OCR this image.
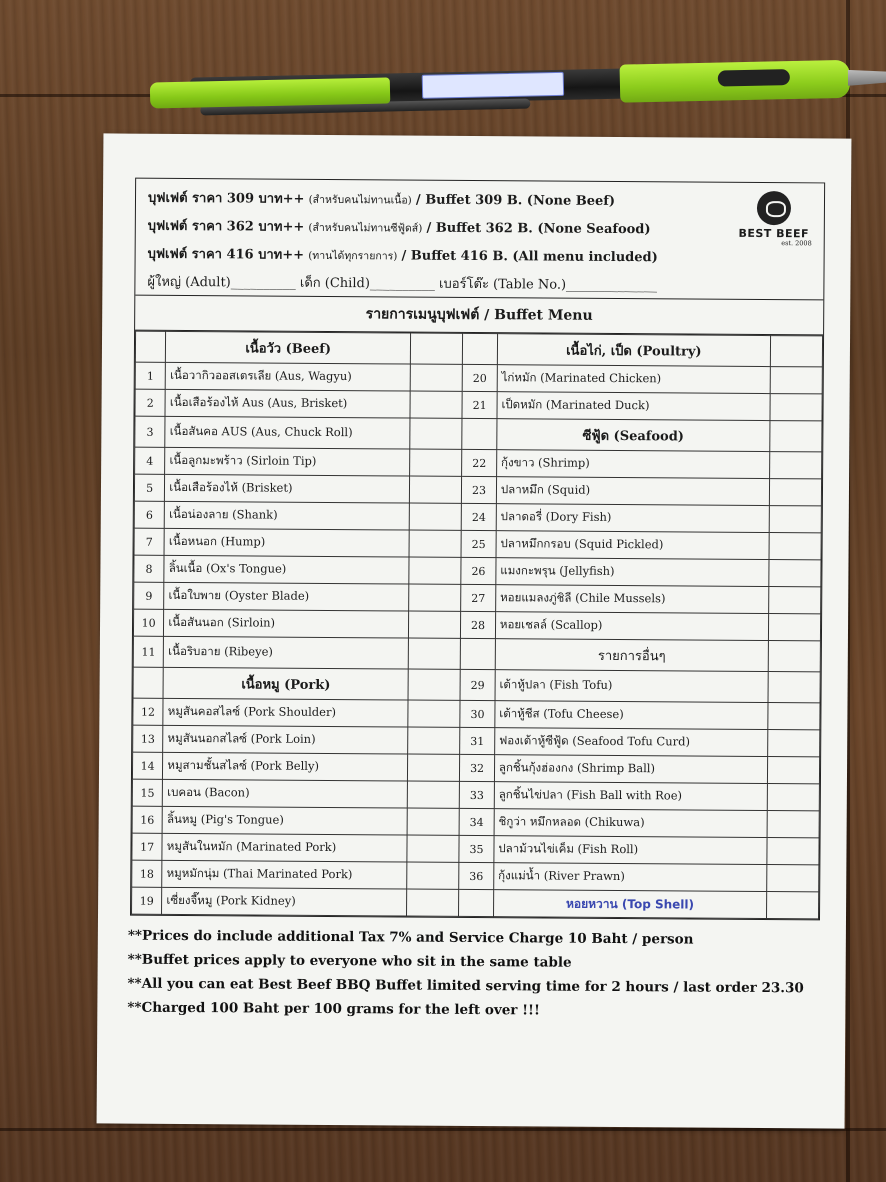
บุฟเฟต์ ราคา 309 บาท++ (สำหรับคนไม่ทานเนื้อ) / Buffet 309 B. (None Beef)
บุฟเฟต์ ราคา 362 บาท++ (สำหรับคนไม่ทานซีฟู้ดส์) / Buffet 362 B. (None Seafood)
บุฟเฟต์ ราคา 416 บาท++ (ทานได้ทุกรายการ) / Buffet 416 B. (All menu included)
ผู้ใหญ่ (Adult)__________ เด็ก (Child)__________ เบอร์โต๊ะ (Table No.)______________
BEST BEEF
est. 2008
รายการเมนูบุฟเฟต์ / Buffet Menu
	เนื้อวัว (Beef)			เนื้อไก่, เป็ด (Poultry)	
1	เนื้อวากิวออสเตรเลีย (Aus, Wagyu)		20	ไก่หมัก (Marinated Chicken)	
2	เนื้อเสือร้องไห้ Aus (Aus, Brisket)		21	เป็ดหมัก (Marinated Duck)	
3	เนื้อสันคอ AUS (Aus, Chuck Roll)			ซีฟู้ด (Seafood)	
4	เนื้อลูกมะพร้าว (Sirloin Tip)		22	กุ้งขาว (Shrimp)	
5	เนื้อเสือร้องไห้ (Brisket)		23	ปลาหมึก (Squid)	
6	เนื้อน่องลาย (Shank)		24	ปลาดอรี่ (Dory Fish)	
7	เนื้อหนอก (Hump)		25	ปลาหมึกกรอบ (Squid Pickled)	
8	ลิ้นเนื้อ (Ox's Tongue)		26	แมงกะพรุน (Jellyfish)	
9	เนื้อใบพาย (Oyster Blade)		27	หอยแมลงภู่ชิลี (Chile Mussels)	
10	เนื้อสันนอก (Sirloin)		28	หอยเชลล์ (Scallop)	
11	เนื้อริบอาย (Ribeye)			รายการอื่นๆ	
	เนื้อหมู (Pork)		29	เต้าหู้ปลา (Fish Tofu)	
12	หมูสันคอสไลซ์ (Pork Shoulder)		30	เต้าหู้ชีส (Tofu Cheese)	
13	หมูสันนอกสไลซ์ (Pork Loin)		31	ฟองเต้าหู้ซีฟู้ด (Seafood Tofu Curd)	
14	หมูสามชั้นสไลซ์ (Pork Belly)		32	ลูกชิ้นกุ้งฮ่องกง (Shrimp Ball)	
15	เบคอน (Bacon)		33	ลูกชิ้นไข่ปลา (Fish Ball with Roe)	
16	ลิ้นหมู (Pig's Tongue)		34	ชิกูว่า หมึกหลอด (Chikuwa)	
17	หมูสันในหมัก (Marinated Pork)		35	ปลาม้วนไข่เค็ม (Fish Roll)	
18	หมูหมักนุ่ม (Thai Marinated Pork)		36	กุ้งแม่น้ำ (River Prawn)	
19	เซี่ยงจี๊หมู (Pork Kidney)			หอยหวาน (Top Shell)	
**Prices do include additional Tax 7% and Service Charge 10 Baht / person
**Buffet prices apply to everyone who sit in the same table
**All you can eat Best Beef BBQ Buffet limited serving time for 2 hours / last order 23.30
**Charged 100 Baht per 100 grams for the left over !!!
